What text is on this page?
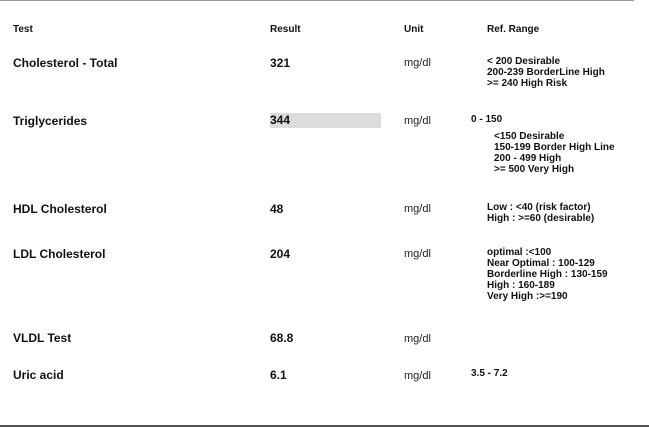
Test	Result	Unit	Ref. Range
Cholesterol - Total	321	mg/dl	< 200 Desirable
200-239 BorderLine High
>= 240 High Risk
Triglycerides	344	mg/dl	0 - 150
<150 Desirable
150-199 Border High Line
200 - 499 High
>= 500 Very High
HDL Cholesterol	48	mg/dl	Low : <40 (risk factor)
High : >=60 (desirable)
LDL Cholesterol	204	mg/dl	optimal :<100
Near Optimal : 100-129
Borderline High : 130-159
High : 160-189
Very High :>=190
VLDL Test	68.8	mg/dl
Uric acid	6.1	mg/dl	3.5 - 7.2
